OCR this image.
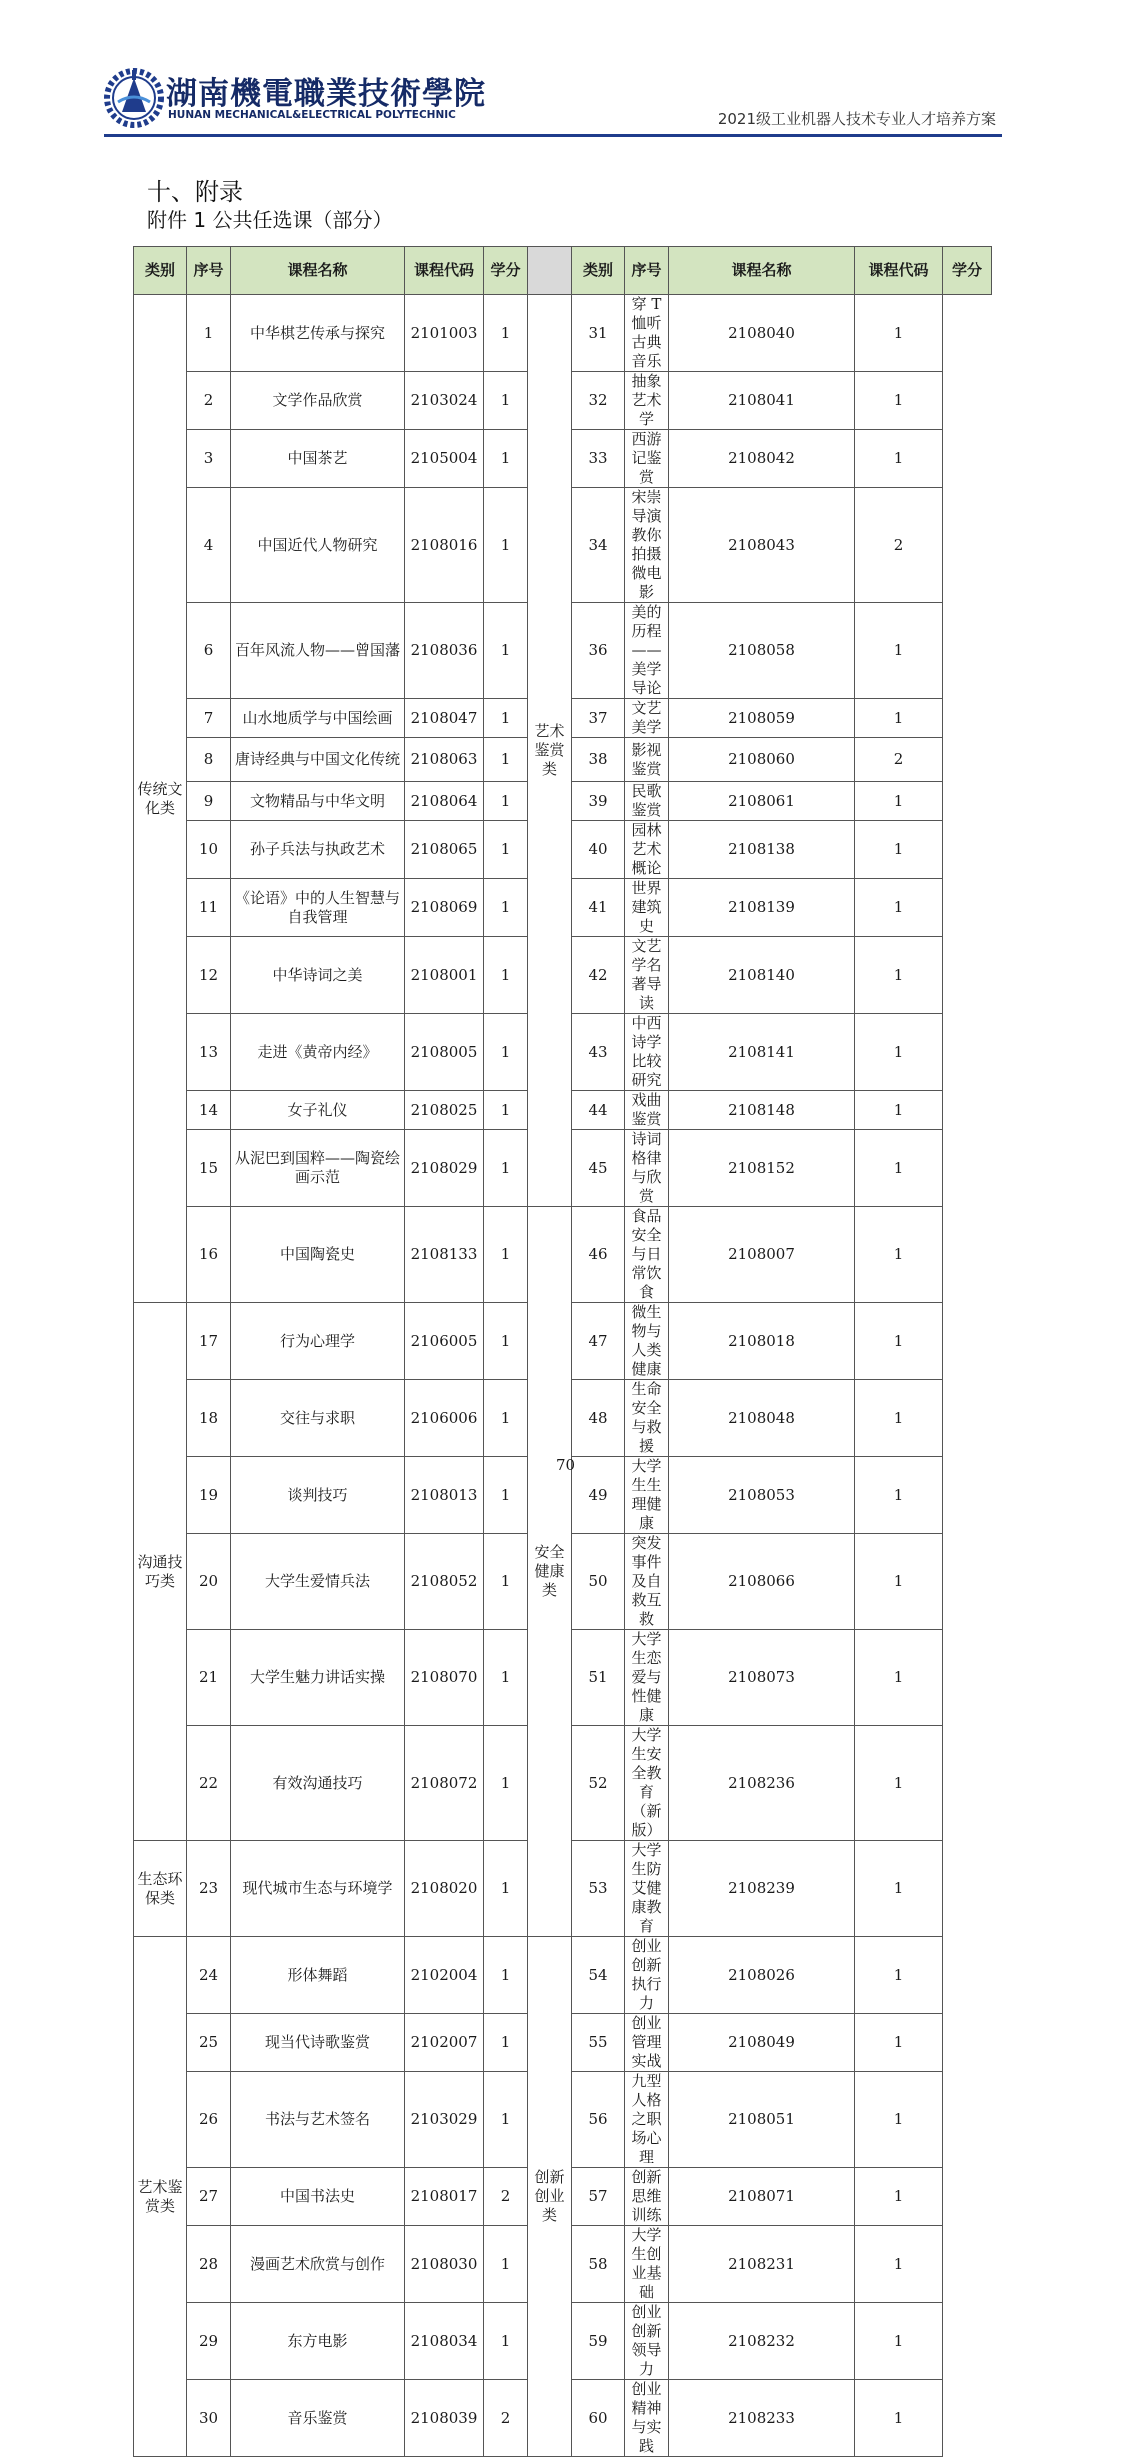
湖南機電職業技術學院
HUNAN MECHANICAL&ELECTRICAL POLYTECHNIC	2021级工业机器人技术专业人才培养方案
十、附录
附件 1 公共任选课（部分）
类别	序号	课程名称	课程代码	学分		类别	序号	课程名称	课程代码	学分
传统文化类	1	中华棋艺传承与探究	2101003	1	艺术鉴赏类	31	穿 T 恤听古典音乐	2108040	1	
	2	文学作品欣赏	2103024	1		32	抽象艺术学	2108041	1	
	3	中国茶艺	2105004	1		33	西游记鉴赏	2108042	1	
	4	中国近代人物研究	2108016	1		34	宋崇导演教你拍摄微电影	2108043	2	
	6	百年风流人物——曾国藩	2108036	1		36	美的历程——美学导论	2108058	1	
	7	山水地质学与中国绘画	2108047	1		37	文艺美学	2108059	1	
	8	唐诗经典与中国文化传统	2108063	1		38	影视鉴赏	2108060	2	
	9	文物精品与中华文明	2108064	1		39	民歌鉴赏	2108061	1	
	10	孙子兵法与执政艺术	2108065	1		40	园林艺术概论	2108138	1	
	11	《论语》中的人生智慧与自我管理	2108069	1		41	世界建筑史	2108139	1	
	12	中华诗词之美	2108001	1		42	文艺学名著导读	2108140	1	
	13	走进《黄帝内经》	2108005	1		43	中西诗学比较研究	2108141	1	
	14	女子礼仪	2108025	1		44	戏曲鉴赏	2108148	1	
	15	从泥巴到国粹——陶瓷绘画示范	2108029	1		45	诗词格律与欣赏	2108152	1	
	16	中国陶瓷史	2108133	1	安全健康类	46	食品安全与日常饮食	2108007	1	
沟通技巧类	17	行为心理学	2106005	1		47	微生物与人类健康	2108018	1	
	18	交往与求职	2106006	1		48	生命安全与救援	2108048	1	
	19	谈判技巧	2108013	1		49	大学生生理健康	2108053	1	
	20	大学生爱情兵法	2108052	1		50	突发事件及自救互救	2108066	1	
	21	大学生魅力讲话实操	2108070	1		51	大学生恋爱与性健康	2108073	1	
	22	有效沟通技巧	2108072	1		52	大学生安全教育（新版）	2108236	1	
生态环保类	23	现代城市生态与环境学	2108020	1		53	大学生防艾健康教育	2108239	1	
艺术鉴赏类	24	形体舞蹈	2102004	1	创新创业类	54	创业创新执行力	2108026	1	
	25	现当代诗歌鉴赏	2102007	1		55	创业管理实战	2108049	1	
	26	书法与艺术签名	2103029	1		56	九型人格之职场心理	2108051	1	
	27	中国书法史	2108017	2		57	创新思维训练	2108071	1	
	28	漫画艺术欣赏与创作	2108030	1		58	大学生创业基础	2108231	1	
	29	东方电影	2108034	1		59	创业创新领导力	2108232	1	
	30	音乐鉴赏	2108039	2		60	创业精神与实践	2108233	1	
70
